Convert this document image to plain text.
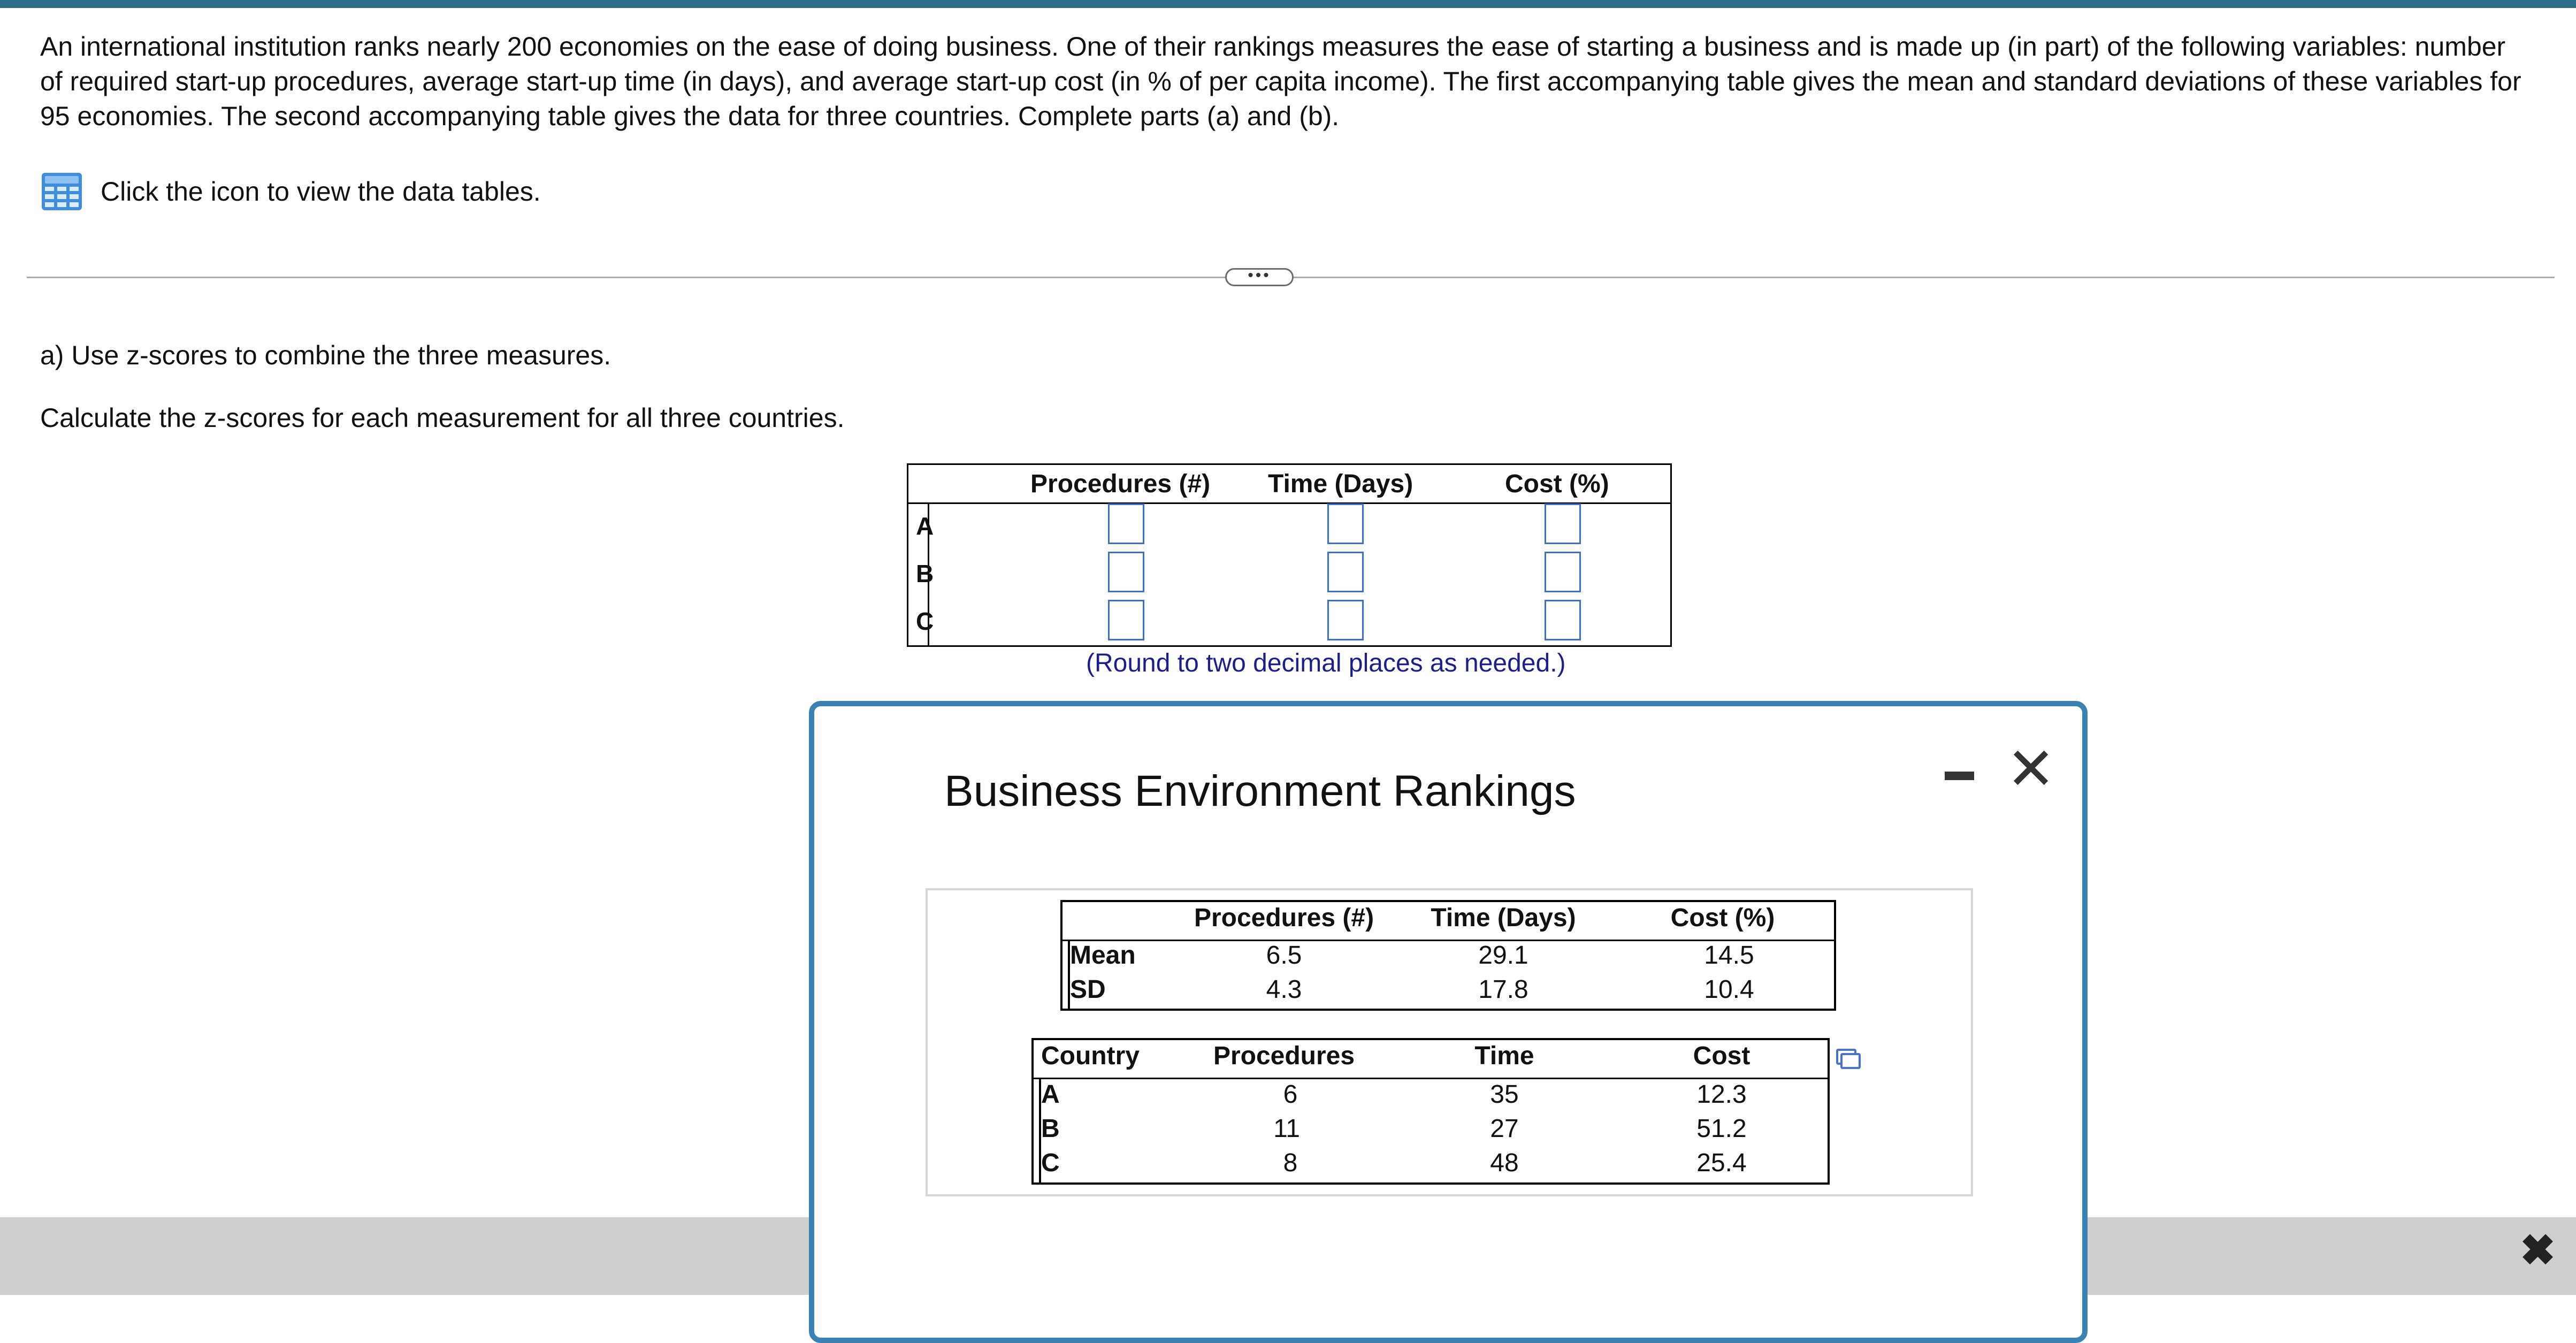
An international institution ranks nearly 200 economies on the ease of doing business. One of their rankings measures the ease of starting a business and is made up (in part) of the following variables: number of required start-up procedures, average start-up time (in days), and average start-up cost (in % of per capita income). The first accompanying table gives the mean and standard deviations of these variables for 95 economies. The second accompanying table gives the data for three countries. Complete parts (a) and (b).

Click the icon to view the data tables.
•••
a) Use z-scores to combine the three measures.
Calculate the z-scores for each measurement for all three countries.
Procedures (#) Time (Days)	Cost (%)
A
B
C
(Round to two decimal places as needed.)
✖
Business Environment Rankings	✕
Procedures (#) Time (Days)	Cost (%)
Mean	6.5	29.1	14.5
SD	4.3	17.8	10.4
Country	Procedures	Time	Cost
A	6	35	12.3
B	11	27	51.2
C	8	48	25.4
